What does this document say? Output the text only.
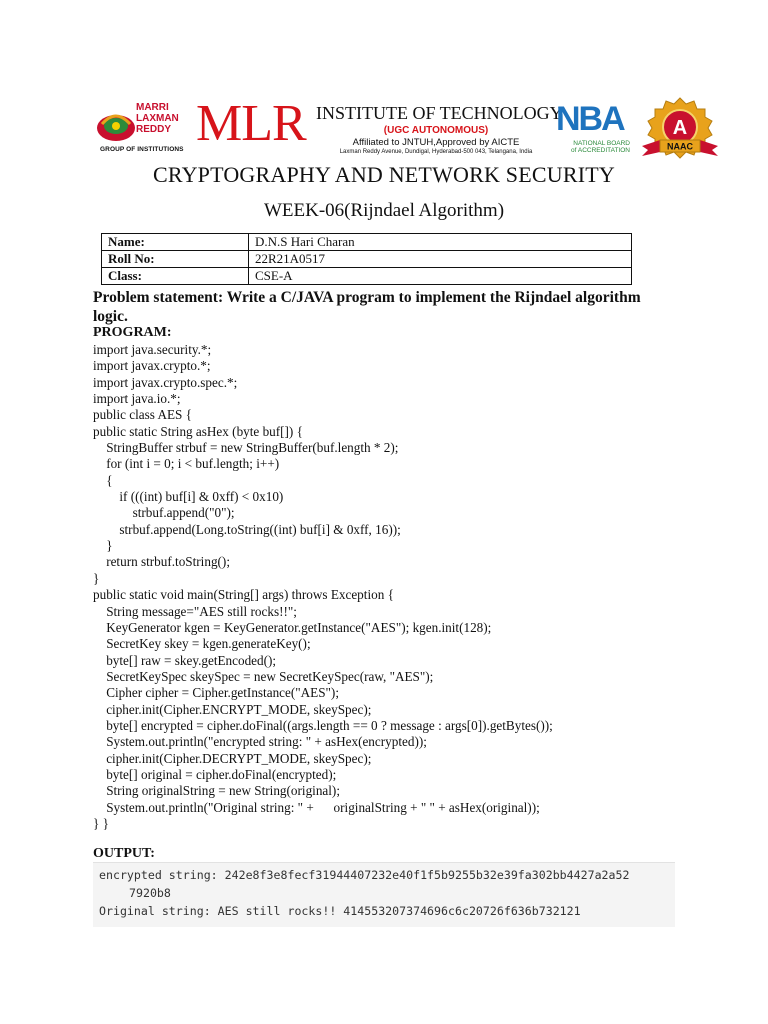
MARRI
LAXMAN
REDDY
GROUP OF INSTITUTIONS MLR INSTITUTE OF TECHNOLOGY
(UGC AUTONOMOUS)
Affiliated to JNTUH,Approved by AICTE
Laxman Reddy Avenue, Dundigal, Hyderabad-500 043, Telangana, India
NBA
NATIONAL BOARD
of ACCREDITATION
A
NAAC
CRYPTOGRAPHY AND NETWORK SECURITY
WEEK-06(Rijndael Algorithm)
Name:	D.N.S Hari Charan
Roll No:	22R21A0517
Class:	CSE-A
Problem statement: Write a C/JAVA program to implement the Rijndael algorithm logic.
PROGRAM:
import java.security.*;
import javax.crypto.*;
import javax.crypto.spec.*;
import java.io.*;
public class AES {
public static String asHex (byte buf[]) {
StringBuffer strbuf = new StringBuffer(buf.length * 2);
for (int i = 0; i < buf.length; i++)
{
if (((int) buf[i] & 0xff) < 0x10)
strbuf.append("0");
strbuf.append(Long.toString((int) buf[i] & 0xff, 16));
}
return strbuf.toString();
}
public static void main(String[] args) throws Exception {
String message="AES still rocks!!";
KeyGenerator kgen = KeyGenerator.getInstance("AES"); kgen.init(128);
SecretKey skey = kgen.generateKey();
byte[] raw = skey.getEncoded();
SecretKeySpec skeySpec = new SecretKeySpec(raw, "AES");
Cipher cipher = Cipher.getInstance("AES");
cipher.init(Cipher.ENCRYPT_MODE, skeySpec);
byte[] encrypted = cipher.doFinal((args.length == 0 ? message : args[0]).getBytes());
System.out.println("encrypted string: " + asHex(encrypted));
cipher.init(Cipher.DECRYPT_MODE, skeySpec);
byte[] original = cipher.doFinal(encrypted);
String originalString = new String(original);
System.out.println("Original string: " +      originalString + " " + asHex(original));
} }
OUTPUT:
encrypted string: 242e8f3e8fecf31944407232e40f1f5b9255b32e39fa302bb4427a2a52
7920b8
Original string: AES still rocks!! 414553207374696c6c20726f636b732121
